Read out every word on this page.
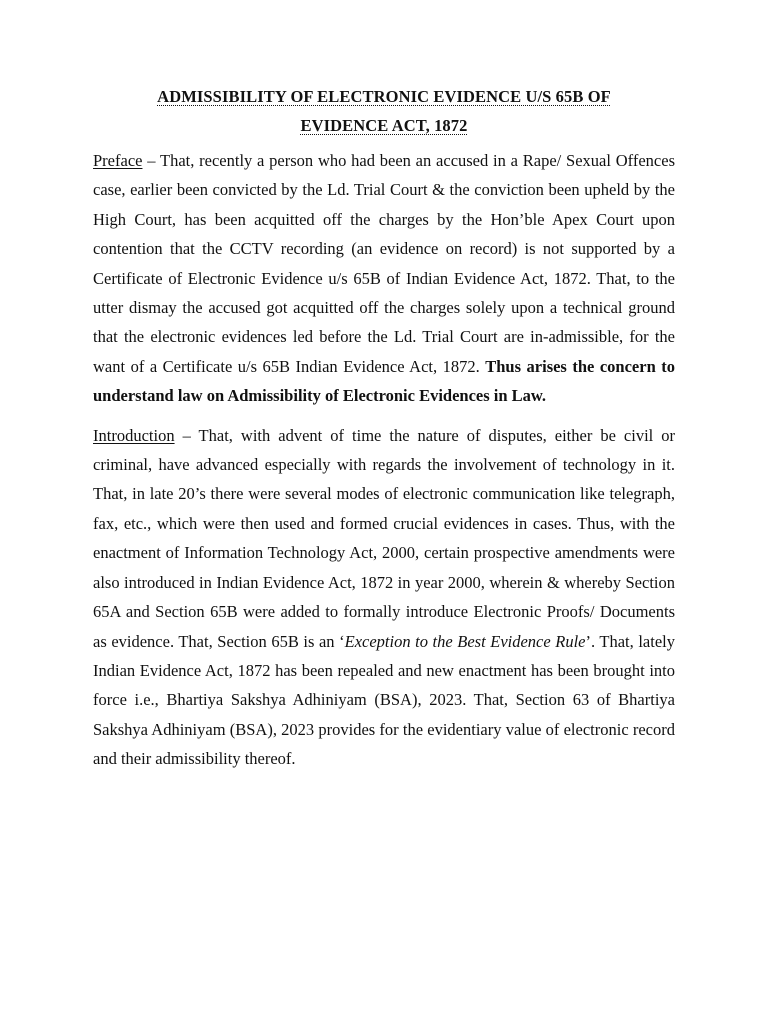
ADMISSIBILITY OF ELECTRONIC EVIDENCE U/S 65B OF
EVIDENCE ACT, 1872

Preface – That, recently a person who had been an accused in a Rape/ Sexual Offences case, earlier been convicted by the Ld. Trial Court & the conviction been upheld by the High Court, has been acquitted off the charges by the Hon’ble Apex Court upon contention that the CCTV recording (an evidence on record) is not supported by a Certificate of Electronic Evidence u/s 65B of Indian Evidence Act, 1872. That, to the utter dismay the accused got acquitted off the charges solely upon a technical ground that the electronic evidences led before the Ld. Trial Court are in-admissible, for the want of a Certificate u/s 65B Indian Evidence Act, 1872. Thus arises the concern to understand law on Admissibility of Electronic Evidences in Law.

Introduction – That, with advent of time the nature of disputes, either be civil or criminal, have advanced especially with regards the involvement of technology in it. That, in late 20’s there were several modes of electronic communication like telegraph, fax, etc., which were then used and formed crucial evidences in cases. Thus, with the enactment of Information Technology Act, 2000, certain prospective amendments were also introduced in Indian Evidence Act, 1872 in year 2000, wherein & whereby Section 65A and Section 65B were added to formally introduce Electronic Proofs/ Documents as evidence. That, Section 65B is an ‘Exception to the Best Evidence Rule’. That, lately Indian Evidence Act, 1872 has been repealed and new enactment has been brought into force i.e., Bhartiya Sakshya Adhiniyam (BSA), 2023. That, Section 63 of Bhartiya Sakshya Adhiniyam (BSA), 2023 provides for the evidentiary value of electronic record and their admissibility thereof.
